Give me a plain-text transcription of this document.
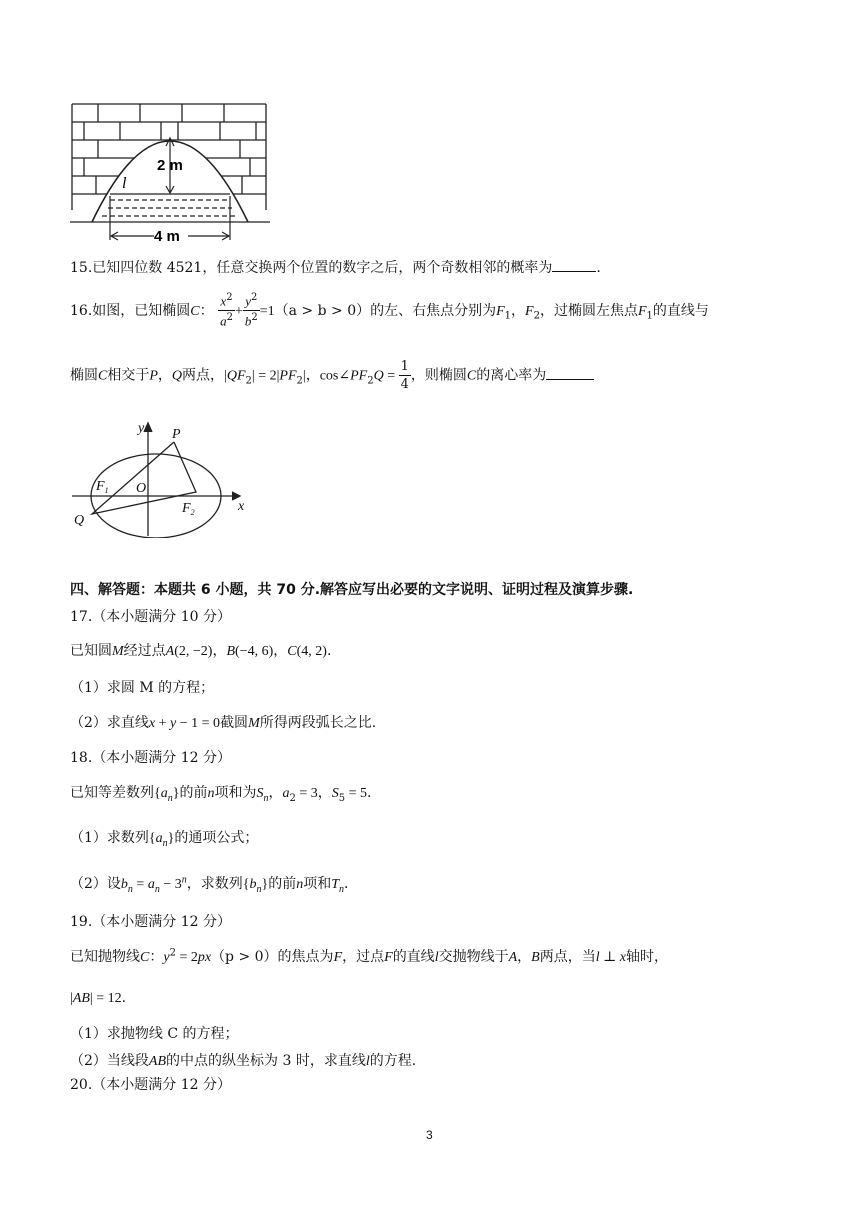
2 m
4 m
l
15.已知四位数 4521，任意交换两个位置的数字之后，两个奇数相邻的概率为	.
16.如图，已知椭圆C： $\frac{x^2}{a^2} + \frac{y^2}{b^2} =1(a > b > 0)$的左、右焦点分别为$F_1$，$F_2$，过椭圆左焦点$F_1$的直线与
椭圆C相交于P，Q两点，$|QF_2| = 2|PF_2|$，$\cos\angle PF_2Q = \frac{1}{4}$ ，则椭圆C的离心率为
y P
$F_1$ O
$F_2$	x
Q
四、解答题：本题共 6 小题，共 70 分.解答应写出必要的文字说明、证明过程及演算步骤.
17.（本小题满分 10 分）
已知圆M经过点A(2, −2)，B(−4, 6)，C(4, 2).
（1）求圆 M 的方程；
（2）求直线x + y − 1 = 0截圆M所得两段弧长之比.
18.（本小题满分 12 分）
已知等差数列$\{a_n\}$的前n项和为$S_n$，$a_2 = 3$，$S_5 = 5$.
（1）求数列$\{a_n\}$的通项公式；
（2）设$b_n = a_n - 3^n$，求数列$\{b_n\}$的前n项和$T_n$.
19.（本小题满分 12 分）
已知抛物线C：$y^2 = 2px(p > 0)$的焦点为F，过点F的直线l交抛物线于A，B两点，当l ⊥ x轴时，
|AB| = 12.
（1）求抛物线 C 的方程；
（2）当线段AB的中点的纵坐标为 3 时，求直线l的方程.
20.（本小题满分 12 分）
3
